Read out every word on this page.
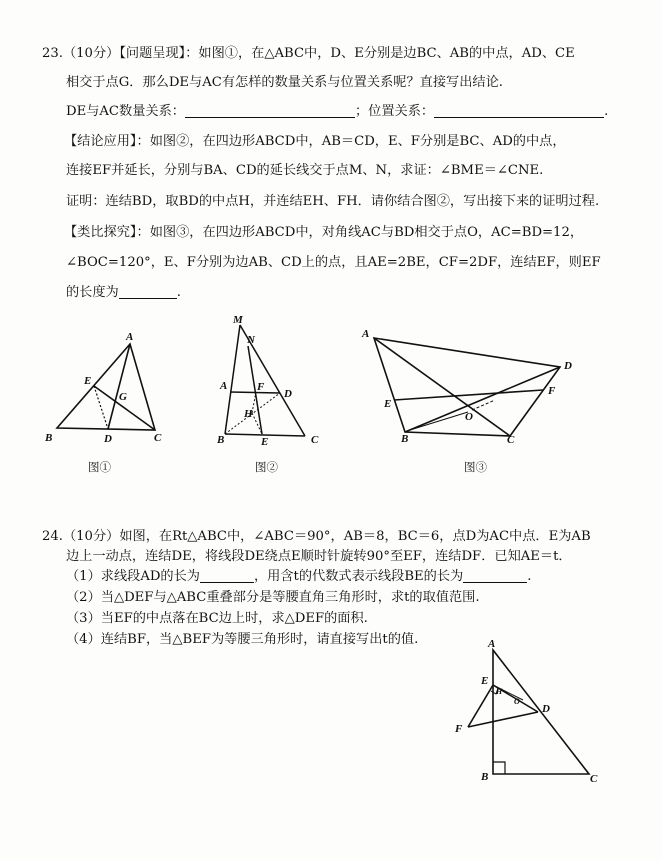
23.（10分）【问题呈现】：如图①，在△ABC中，D、E分别是边BC、AB的中点，AD、CE
相交于点G．那么DE与AC有怎样的数量关系与位置关系呢？直接写出结论.
DE与AC数量关系：	；位置关系：	.
【结论应用】：如图②，在四边形ABCD中，AB＝CD，E、F分别是BC、AD的中点，
连接EF并延长，分别与BA、CD的延长线交于点M、N，求证：∠BME＝∠CNE.
证明：连结BD，取BD的中点H，并连结EH、FH．请你结合图②，写出接下来的证明过程.
【类比探究】：如图③，在四边形ABCD中，对角线AC与BD相交于点O，AC=BD=12，
∠BOC=120°，E、F分别为边AB、CD上的点，且AE=2BE，CF=2DF，连结EF，则EF
的长度为	.
A
B	C
D
E
G
图①
M
N
A	F
D
H
B	E	C
图②
A
D
F
E
O
B	C
图③
24.（10分）如图，在Rt△ABC中，∠ABC＝90°，AB＝8，BC＝6，点D为AC中点．E为AB
边上一动点，连结DE，将线段DE绕点E顺时针旋转90°至EF，连结DF．已知AE＝t．
（1）求线段AD的长为	，用含t的代数式表示线段BE的长为	.
（2）当△DEF与△ABC重叠部分是等腰直角三角形时，求t的取值范围.
（3）当EF的中点落在BC边上时，求△DEF的面积.
（4）连结BF，当△BEF为等腰三角形时，请直接写出t的值.	A
E
H
O
D
F
B	C
